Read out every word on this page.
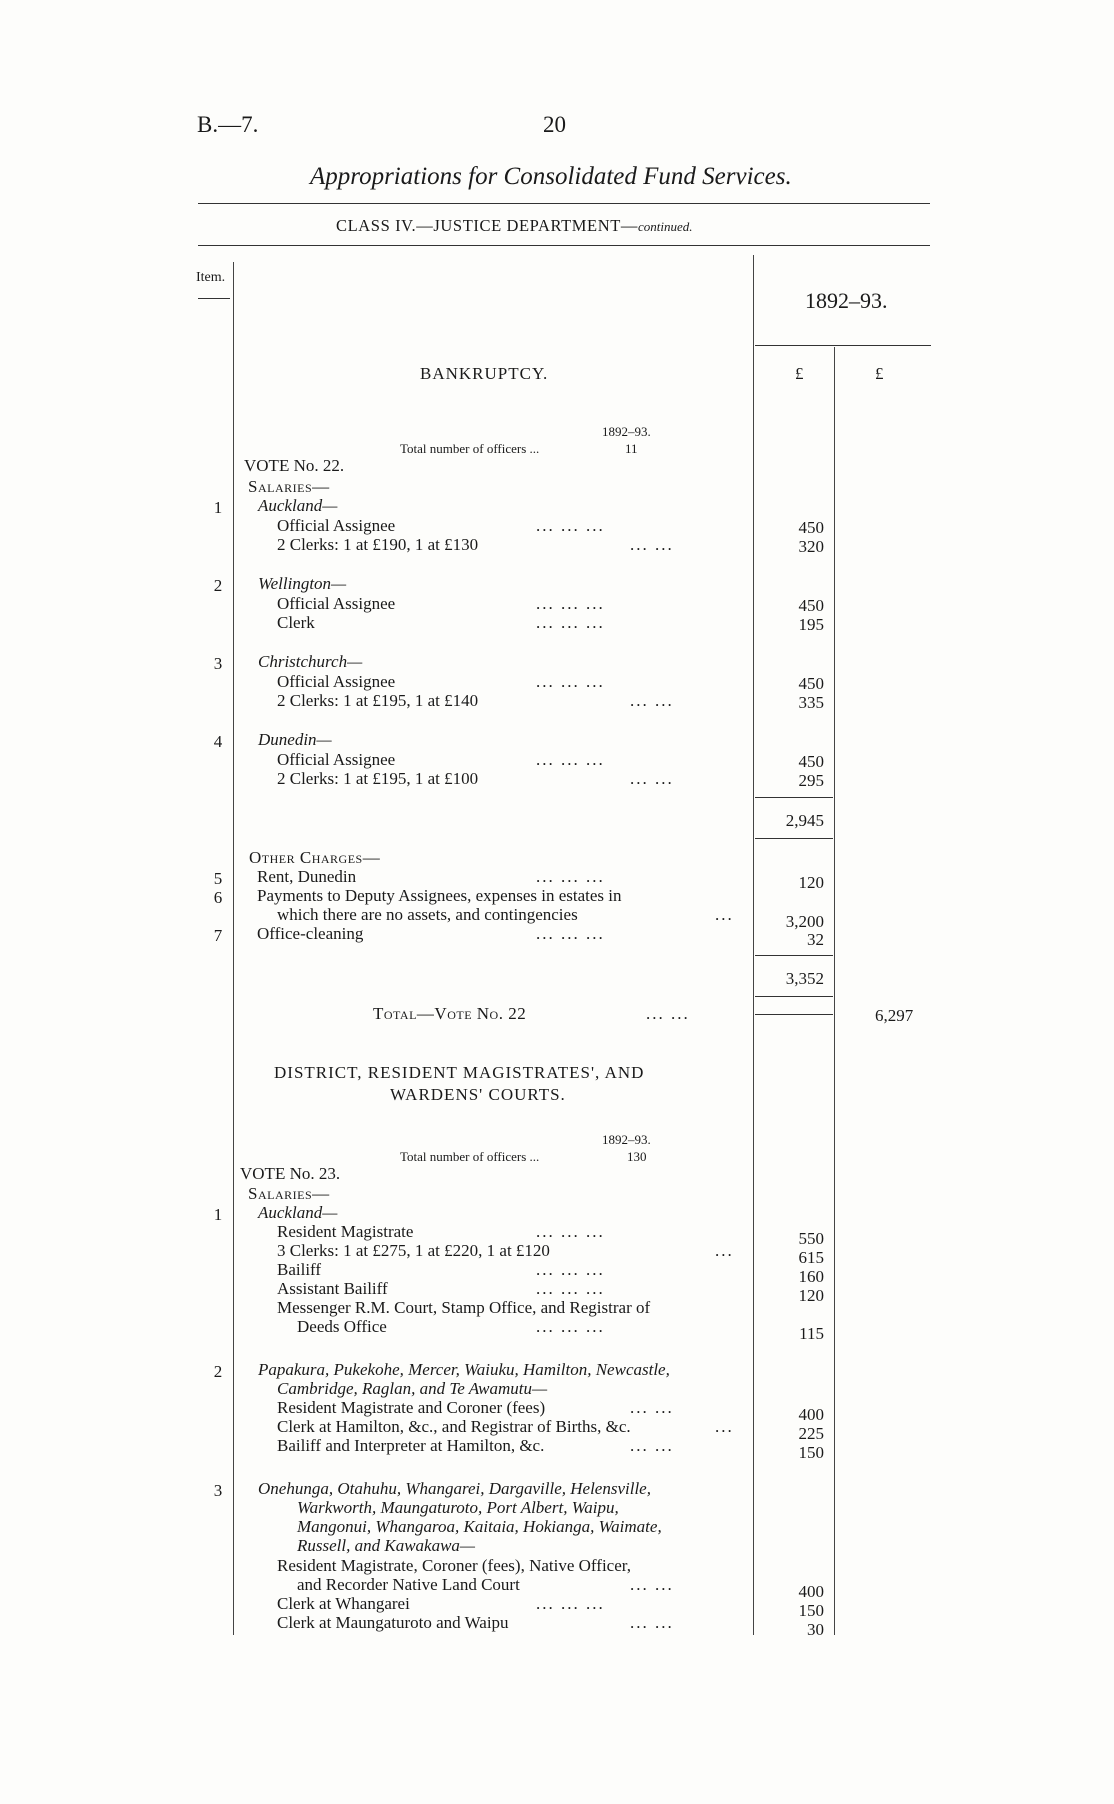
B.—7.	20
Appropriations for Consolidated Fund Services.
CLASS IV.—JUSTICE DEPARTMENT—continued.
Item.
1892–93.
£	£
BANKRUPTCY.
1892–93.
Total number of officers ...	11
VOTE No. 22.
Salaries—
1	Auckland—
Official Assignee	... ... ...	450
2 Clerks: 1 at £190, 1 at £130	... ...	320
2	Wellington—
Official Assignee	... ... ...	450
Clerk	... ... ...	195
3	Christchurch—
Official Assignee	... ... ...	450
2 Clerks: 1 at £195, 1 at £140	... ...	335
4	Dunedin—
Official Assignee	... ... ...	450
2 Clerks: 1 at £195, 1 at £100	... ...	295
2,945
Other Charges—
5	Rent, Dunedin	... ... ...	120
6	Payments to Deputy Assignees, expenses in estates in
which there are no assets, and contingencies	...	3,200
7	Office-cleaning	... ... ...	32
3,352
Total—Vote No. 22	... ...	6,297
DISTRICT, RESIDENT MAGISTRATES', AND
WARDENS' COURTS.
1892–93.
Total number of officers ...	130
VOTE No. 23.
Salaries—
1	Auckland—
Resident Magistrate	... ... ...	550
3 Clerks: 1 at £275, 1 at £220, 1 at £120	...	615
Bailiff	... ... ...	160
Assistant Bailiff	... ... ...	120
Messenger R.M. Court, Stamp Office, and Registrar of
Deeds Office	... ... ...	115
2	Papakura, Pukekohe, Mercer, Waiuku, Hamilton, Newcastle,
Cambridge, Raglan, and Te Awamutu—
Resident Magistrate and Coroner (fees)	... ...	400
Clerk at Hamilton, &c., and Registrar of Births, &c.	...	225
Bailiff and Interpreter at Hamilton, &c.	... ...	150
3	Onehunga, Otahuhu, Whangarei, Dargaville, Helensville,
Warkworth, Maungaturoto, Port Albert, Waipu,
Mangonui, Whangaroa, Kaitaia, Hokianga, Waimate,
Russell, and Kawakawa—
Resident Magistrate, Coroner (fees), Native Officer,
and Recorder Native Land Court	... ...	400
Clerk at Whangarei	... ... ...	150
Clerk at Maungaturoto and Waipu	... ...	30
